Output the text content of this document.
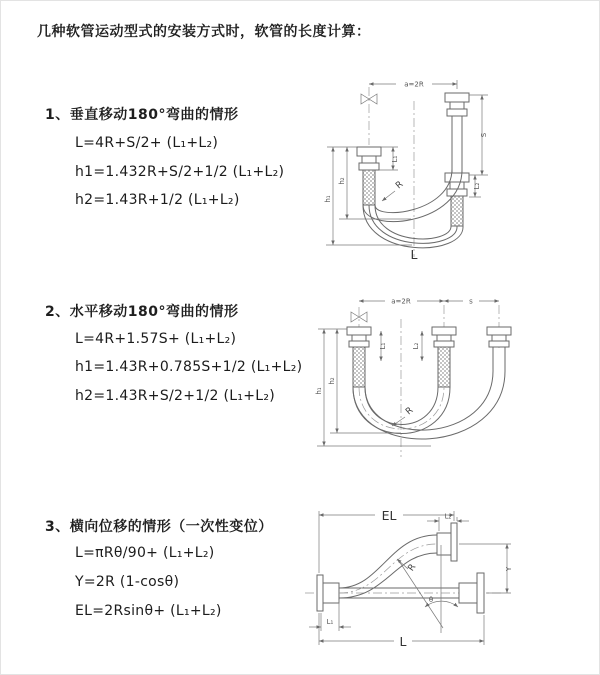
几种软管运动型式的安装方式时，软管的长度计算：
1、垂直移动180°弯曲的情形
L=4R+S/2+ (L₁+L₂)
h1=1.432R+S/2+1/2 (L₁+L₂)
h2=1.43R+1/2 (L₁+L₂)
a=2R
S
L₂
L₁
h₂
h₁
R
L
2、水平移动180°弯曲的情形
L=4R+1.57S+ (L₁+L₂)
h1=1.43R+0.785S+1/2 (L₁+L₂)
h2=1.43R+S/2+1/2 (L₁+L₂)
a=2R	s
L₁	L₂
h₂
h₁
R
3、横向位移的情形（一次性变位）
L=πRθ/90+ (L₁+L₂)
Y=2R (1-cosθ)
EL=2Rsinθ+ (L₁+L₂)
EL
L
Y
L₂
L₁
R
θ
